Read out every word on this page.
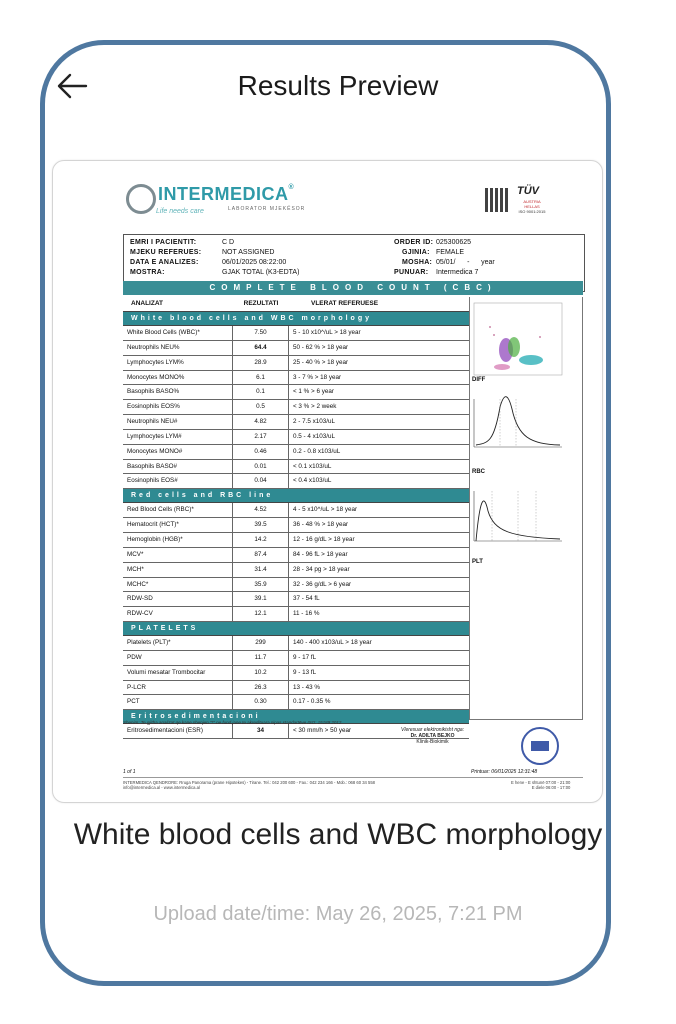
Results Preview
INTERMEDICA®
LABORATOR MJEKËSOR
Life needs care
TÜV
AUSTRIA HELLAS
ISO 9001:2015
EMRI I PACIENTIT:	C D
MJEKU REFERUES:	NOT ASSIGNED
DATA E ANALIZES:	06/01/2025 08:22:00
MOSTRA:	GJAK TOTAL (K3-EDTA)
ORDER ID: 025300625
GJINIA: FEMALE
MOSHA: 05/01/      -      year
PUNUAR: Intermedica 7
COMPLETE BLOOD COUNT (CBC)
ANALIZAT	REZULTATI	VLERAT REFERUESE
White blood cells and WBC morphology
White Blood Cells (WBC)*	7.50	5 - 10 x10^/uL > 18 year
Neutrophils NEU%	64.4	50 - 62 % > 18 year
Lymphocytes LYM%	28.9	25 - 40 % > 18 year
Monocytes MONO%	6.1	3 - 7 % > 18 year
Basophils BASO%	0.1	< 1 % > 6 year
Eosinophils EOS%	0.5	< 3 % > 2 week
Neutrophils NEU#	4.82	2 - 7.5 x103/uL
Lymphocytes LYM#	2.17	0.5 - 4 x103/uL
Monocytes MONO#	0.46	0.2 - 0.8 x103/uL
Basophils BASO#	0.01	< 0.1 x103/uL
Eosinophils EOS#	0.04	< 0.4 x103/uL
Red cells and RBC line
Red Blood Cells (RBC)*	4.52	4 - 5 x10^/uL > 18 year
Hematocrit (HCT)*	39.5	36 - 48 % > 18 year
Hemoglobin (HGB)*	14.2	12 - 16 g/dL > 18 year
MCV*	87.4	84 - 96 fL > 18 year
MCH*	31.4	28 - 34 pg > 18 year
MCHC*	35.9	32 - 36 g/dL > 6 year
RDW-SD	39.1	37 - 54 fL
RDW-CV	12.1	11 - 16 %
PLATELETS
Platelets (PLT)*	299	140 - 400 x103/uL > 18 year
PDW	11.7	9 - 17 fL
Volumi mesatar Trombocitar	10.2	9 - 13 fL
P-LCR	26.3	13 - 43 %
PCT	0.30	0.17 - 0.35 %
Eritrosedimentacioni
Eritrosedimentacioni (ESR)	34	< 30 mm/h > 50 year
DIFF
RBC
PLT
Shenim: Te gjitha analizat qe kane shenjen "*" ne fund jane te akredituara sipas standartëve ISO: 15189:2012
Vleresuar elektronikisht nga:
Dr. ADILTA BEJKO
Klinik-Biokimik
1 of 1	Printuar: 06/01/2025 12:31:48
INTERMEDICA QENDRORE: Rruga Panorama (prane Hipotekes) - Tirane. Tel.: 042 200 600 - Fax.: 042 234 166 - Mob.: 068 60 34 558
info@intermedica.al - www.intermedica.al
E hene - E shtunë 07:00 - 21:00
E diele 06:00 - 17:00
White blood cells and WBC morphology
Upload date/time: May 26, 2025, 7:21 PM
